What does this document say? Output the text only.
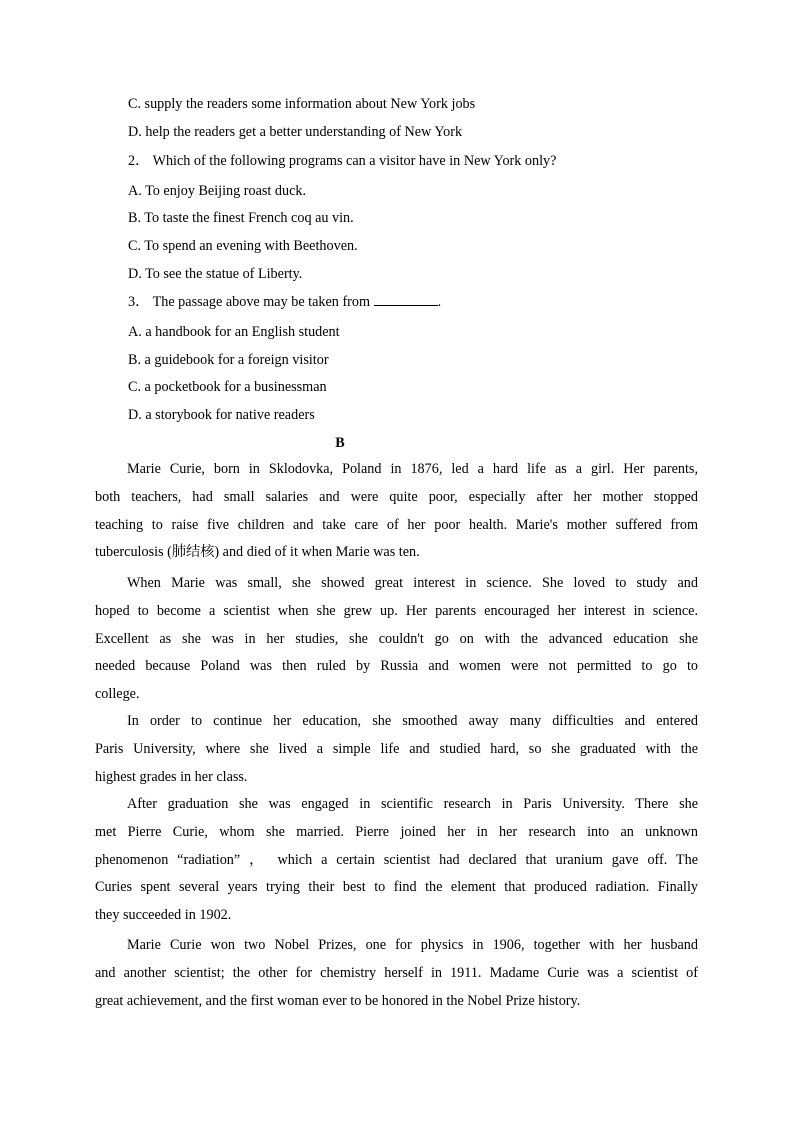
C. supply the readers some information about New York jobs
D. help the readers get a better understanding of New York
2． Which of the following programs can a visitor have in New York only?
A. To enjoy Beijing roast duck.
B. To taste the finest French coq au vin.
C. To spend an evening with Beethoven.
D. To see the statue of Liberty.
3． The passage above may be taken from	.
A. a handbook for an English student
B. a guidebook for a foreign visitor
C. a pocketbook for a businessman
D. a storybook for native readers
B

Marie Curie, born in Sklodovka, Poland in 1876, led a hard life as a girl. Her parents,

both teachers, had small salaries and were quite poor, especially after her mother stopped

teaching to raise five children and take care of her poor health. Marie's mother suffered from

tuberculosis (肺结核) and died of it when Marie was ten.

When Marie was small, she showed great interest in science. She loved to study and

hoped to become a scientist when she grew up. Her parents encouraged her interest in science.

Excellent as she was in her studies, she couldn't go on with the advanced education she

needed because Poland was then ruled by Russia and women were not permitted to go to

college.

In order to continue her education, she smoothed away many difficulties and entered

Paris University, where she lived a simple life and studied hard, so she graduated with the

highest grades in her class.

After graduation she was engaged in scientific research in Paris University. There she

met Pierre Curie, whom she married. Pierre joined her in her research into an unknown

phenomenon “radiation” ， which a certain scientist had declared that uranium gave off. The

Curies spent several years trying their best to find the element that produced radiation. Finally

they succeeded in 1902.

Marie Curie won two Nobel Prizes, one for physics in 1906, together with her husband

and another scientist; the other for chemistry herself in 1911. Madame Curie was a scientist of

great achievement, and the first woman ever to be honored in the Nobel Prize history.
